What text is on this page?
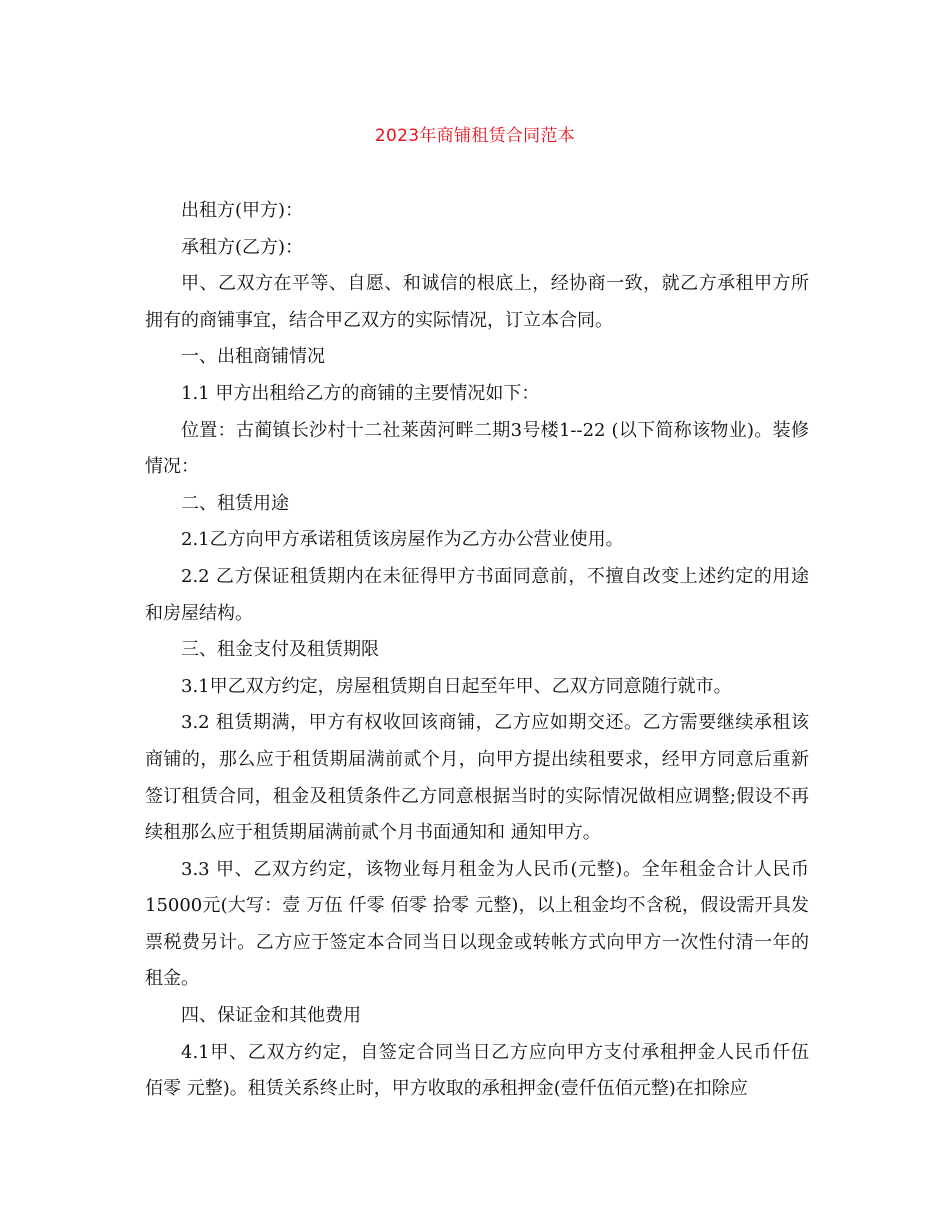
2023年商铺租赁合同范本

出租方(甲方)：

承租方(乙方)：

甲、乙双方在平等、自愿、和诚信的根底上，经协商一致，就乙方承租甲方所拥有的商铺事宜，结合甲乙双方的实际情况，订立本合同。

一、出租商铺情况

1.1 甲方出租给乙方的商铺的主要情况如下：

位置：古蔺镇长沙村十二社莱茵河畔二期3号楼1--22 (以下简称该物业)。装修情况：

二、租赁用途

2.1乙方向甲方承诺租赁该房屋作为乙方办公营业使用。

2.2 乙方保证租赁期内在未征得甲方书面同意前，不擅自改变上述约定的用途和房屋结构。

三、租金支付及租赁期限

3.1甲乙双方约定，房屋租赁期自日起至年甲、乙双方同意随行就市。

3.2 租赁期满，甲方有权收回该商铺，乙方应如期交还。乙方需要继续承租该商铺的，那么应于租赁期届满前贰个月，向甲方提出续租要求，经甲方同意后重新签订租赁合同，租金及租赁条件乙方同意根据当时的实际情况做相应调整;假设不再续租那么应于租赁期届满前贰个月书面通知和 通知甲方。

3.3 甲、乙双方约定，该物业每月租金为人民币(元整)。全年租金合计人民币15000元(大写：壹 万伍 仟零 佰零 拾零 元整)，以上租金均不含税，假设需开具发票税费另计。乙方应于签定本合同当日以现金或转帐方式向甲方一次性付清一年的租金。

四、保证金和其他费用

4.1甲、乙双方约定，自签定合同当日乙方应向甲方支付承租押金人民币仟伍 佰零 元整)。租赁关系终止时，甲方收取的承租押金(壹仟伍佰元整)在扣除应
